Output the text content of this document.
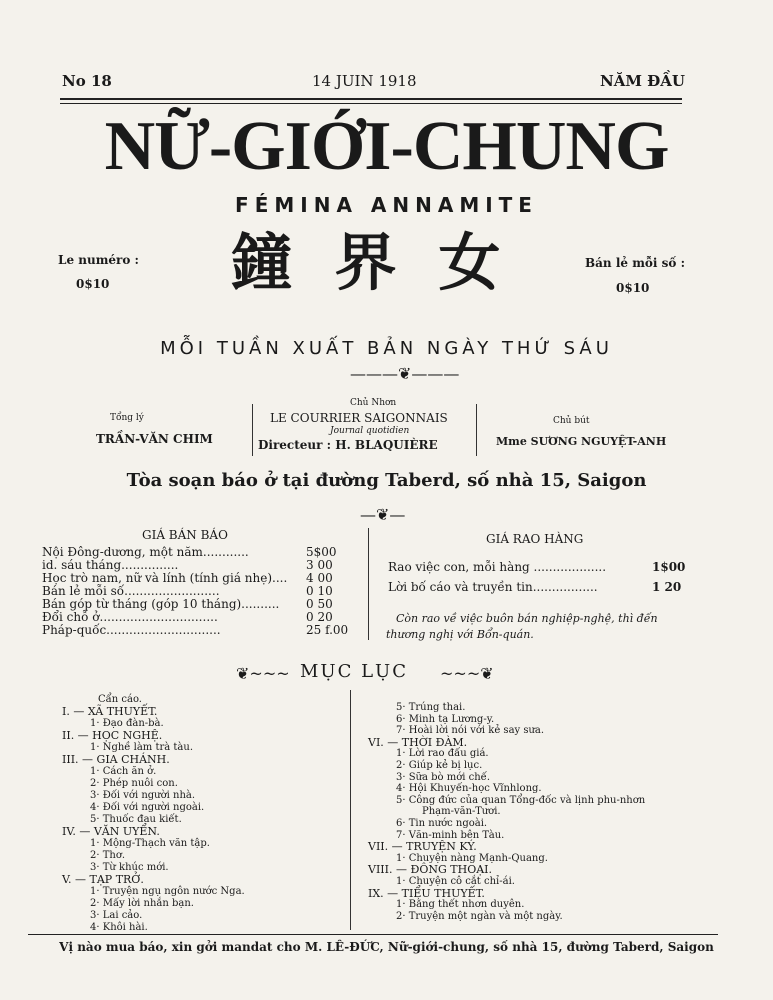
No 18	14 JUIN 1918	NĂM ĐẦU
NỮ-GIỚI-CHUNG
FÉMINA ANNAMITE
Le numéro :
0$10
Bán lẻ mỗi số :
0$10
鐘界女
MỖI TUẦN XUẤT BẢN NGÀY THỨ SÁU
———❦———
Tổng lý
TRẦN-VĂN CHIM
Chủ Nhơn
LE COURRIER SAIGONNAIS
Journal quotidien
Directeur : H. BLAQUIÈRE
Chủ bút
Mme SƯƠNG NGUYỆT-ANH
Tòa soạn báo ở tại đường Taberd, số nhà 15, Saigon
—❦—
GIÁ BÁN BÁO
Nội Đông-dương, một năm............	5$00
id. sáu tháng...............	3 00
Học trò nam, nữ và lính (tính giá nhẹ).... 4 00
Bán lẻ mỗi số.........................	0 10
Bán góp từ tháng (góp 10 tháng).......... 0 50
Đổi chỗ ở...............................	0 20
Pháp-quốc..............................	25 f.00
GIÁ RAO HÀNG
Rao việc con, mỗi hàng ...................	1$00
Lời bố cáo và truyền tin.................	1 20
Còn rao về việc buôn bán nghiệp-nghệ, thì đến
thương nghị với Bổn-quán.
❦~~~ MỤC LỤC ~~~❦
Cẩn cáo.
I. — XÃ THUYẾT.
1· Đạo đàn-bà.
II. — HỌC NGHỆ.
1· Nghề làm trà tàu.
III. — GIA CHÁNH.
1· Cách ăn ở.
2· Phép nuôi con.
3· Đối với người nhà.
4· Đối với người ngoài.
5· Thuốc đau kiết.
IV. — VĂN UYỂN.
1· Mộng-Thạch văn tập.
2· Thơ.
3· Từ khúc mới.
V. — TẠP TRỞ.
1· Truyện ngụ ngôn nước Nga.
2· Mấy lời nhắn bạn.
3· Lai cảo.
4· Khôi hài.
5· Trúng thai.
6· Minh tạ Lương-y.
7· Hoài lời nói với kẻ say sưa.
VI. — THỜI ĐÀM.
1· Lời rao đấu giá.
2· Giúp kẻ bị lục.
3· Sữa bò mới chế.
4· Hội Khuyến-học Vĩnhlong.
5· Công đức của quan Tổng-đốc và lịnh phu-nhơn
Phạm-văn-Tươi.
6· Tin nước ngoài.
7· Văn-minh bên Tàu.
VII. — TRUYỆN KÝ.
1· Chuyện nàng Mạnh-Quang.
VIII. — ĐÔNG THOẠI.
1· Chuyện cô cắt chỉ-ái.
IX. — TIỂU THUYẾT.
1· Bằng thết nhơn duyên.
2· Truyện một ngàn và một ngày.
Vị nào mua báo, xin gởi mandat cho M. LÊ-ĐỨC, Nữ-giới-chung, số nhà 15, đường Taberd, Saigon
